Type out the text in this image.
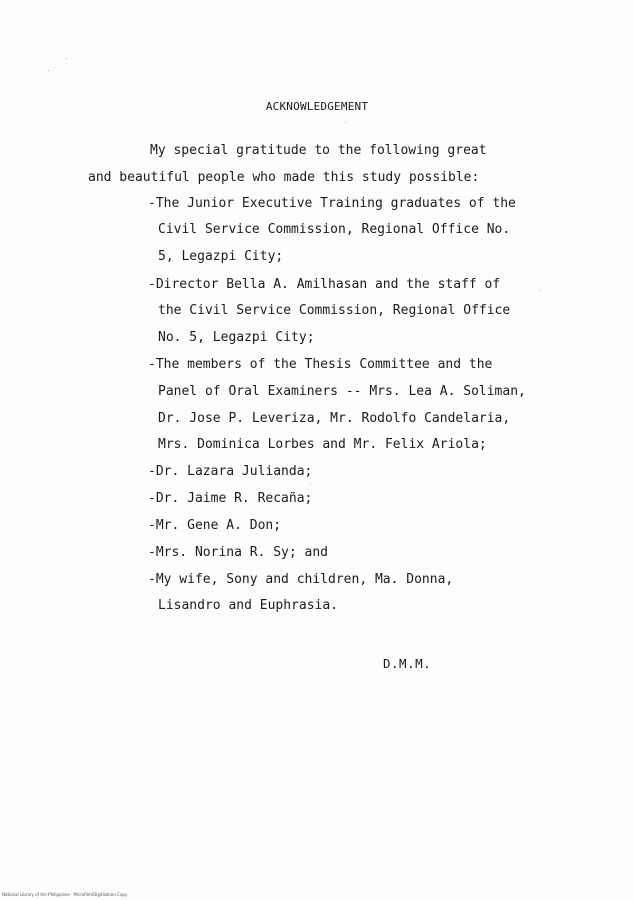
ACKNOWLEDGEMENT
My special gratitude to the following great
and beautiful people who made this study possible:
-The Junior Executive Training graduates of the
Civil Service Commission, Regional Office No.
5, Legazpi City;
-Director Bella A. Amilhasan and the staff of
the Civil Service Commission, Regional Office
No. 5, Legazpi City;
-The members of the Thesis Committee and the
Panel of Oral Examiners -- Mrs. Lea A. Soliman,
Dr. Jose P. Leveriza, Mr. Rodolfo Candelaria,
Mrs. Dominica Lorbes and Mr. Felix Ariola;
-Dr. Lazara Julianda;
-Dr. Jaime R. Recaña;
-Mr. Gene A. Don;
-Mrs. Norina R. Sy; and
-My wife, Sony and children, Ma. Donna,
Lisandro and Euphrasia.
D.M.M.
National Library of the Philippines · Microfilm/Digitization Copy
